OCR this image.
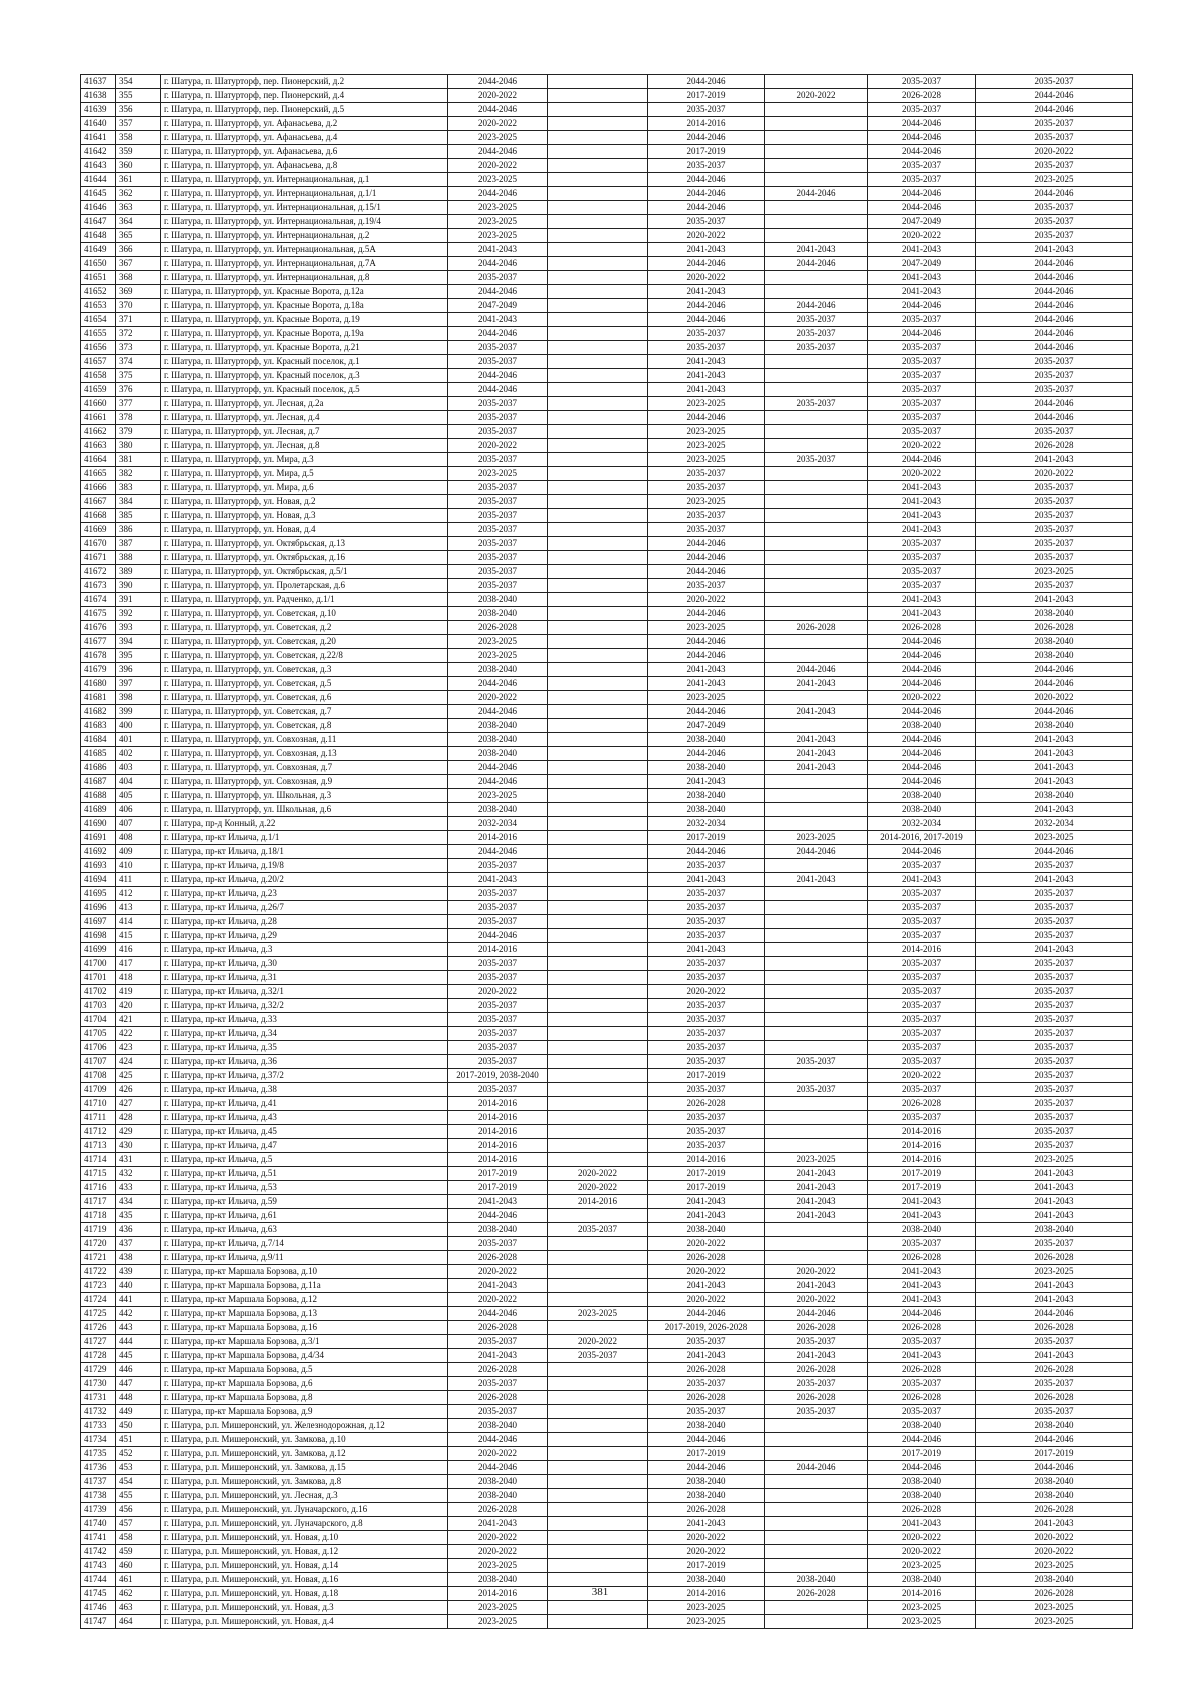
41637	354	г. Шатура, п. Шатурторф, пер. Пионерский, д.2	2044-2046		2044-2046		2035-2037	2035-2037
41638	355	г. Шатура, п. Шатурторф, пер. Пионерский, д.4	2020-2022		2017-2019	2020-2022	2026-2028	2044-2046
41639	356	г. Шатура, п. Шатурторф, пер. Пионерский, д.5	2044-2046		2035-2037		2035-2037	2044-2046
41640	357	г. Шатура, п. Шатурторф, ул. Афанасьева, д.2	2020-2022		2014-2016		2044-2046	2035-2037
41641	358	г. Шатура, п. Шатурторф, ул. Афанасьева, д.4	2023-2025		2044-2046		2044-2046	2035-2037
41642	359	г. Шатура, п. Шатурторф, ул. Афанасьева, д.6	2044-2046		2017-2019		2044-2046	2020-2022
41643	360	г. Шатура, п. Шатурторф, ул. Афанасьева, д.8	2020-2022		2035-2037		2035-2037	2035-2037
41644	361	г. Шатура, п. Шатурторф, ул. Интернациональная, д.1	2023-2025		2044-2046		2035-2037	2023-2025
41645	362	г. Шатура, п. Шатурторф, ул. Интернациональная, д.1/1	2044-2046		2044-2046	2044-2046	2044-2046	2044-2046
41646	363	г. Шатура, п. Шатурторф, ул. Интернациональная, д.15/1	2023-2025		2044-2046		2044-2046	2035-2037
41647	364	г. Шатура, п. Шатурторф, ул. Интернациональная, д.19/4	2023-2025		2035-2037		2047-2049	2035-2037
41648	365	г. Шатура, п. Шатурторф, ул. Интернациональная, д.2	2023-2025		2020-2022		2020-2022	2035-2037
41649	366	г. Шатура, п. Шатурторф, ул. Интернациональная, д.5А	2041-2043		2041-2043	2041-2043	2041-2043	2041-2043
41650	367	г. Шатура, п. Шатурторф, ул. Интернациональная, д.7А	2044-2046		2044-2046	2044-2046	2047-2049	2044-2046
41651	368	г. Шатура, п. Шатурторф, ул. Интернациональная, д.8	2035-2037		2020-2022		2041-2043	2044-2046
41652	369	г. Шатура, п. Шатурторф, ул. Красные Ворота, д.12а	2044-2046		2041-2043		2041-2043	2044-2046
41653	370	г. Шатура, п. Шатурторф, ул. Красные Ворота, д.18а	2047-2049		2044-2046	2044-2046	2044-2046	2044-2046
41654	371	г. Шатура, п. Шатурторф, ул. Красные Ворота, д.19	2041-2043		2044-2046	2035-2037	2035-2037	2044-2046
41655	372	г. Шатура, п. Шатурторф, ул. Красные Ворота, д.19а	2044-2046		2035-2037	2035-2037	2044-2046	2044-2046
41656	373	г. Шатура, п. Шатурторф, ул. Красные Ворота, д.21	2035-2037		2035-2037	2035-2037	2035-2037	2044-2046
41657	374	г. Шатура, п. Шатурторф, ул. Красный поселок, д.1	2035-2037		2041-2043		2035-2037	2035-2037
41658	375	г. Шатура, п. Шатурторф, ул. Красный поселок, д.3	2044-2046		2041-2043		2035-2037	2035-2037
41659	376	г. Шатура, п. Шатурторф, ул. Красный поселок, д.5	2044-2046		2041-2043		2035-2037	2035-2037
41660	377	г. Шатура, п. Шатурторф, ул. Лесная, д.2а	2035-2037		2023-2025	2035-2037	2035-2037	2044-2046
41661	378	г. Шатура, п. Шатурторф, ул. Лесная, д.4	2035-2037		2044-2046		2035-2037	2044-2046
41662	379	г. Шатура, п. Шатурторф, ул. Лесная, д.7	2035-2037		2023-2025		2035-2037	2035-2037
41663	380	г. Шатура, п. Шатурторф, ул. Лесная, д.8	2020-2022		2023-2025		2020-2022	2026-2028
41664	381	г. Шатура, п. Шатурторф, ул. Мира, д.3	2035-2037		2023-2025	2035-2037	2044-2046	2041-2043
41665	382	г. Шатура, п. Шатурторф, ул. Мира, д.5	2023-2025		2035-2037		2020-2022	2020-2022
41666	383	г. Шатура, п. Шатурторф, ул. Мира, д.6	2035-2037		2035-2037		2041-2043	2035-2037
41667	384	г. Шатура, п. Шатурторф, ул. Новая, д.2	2035-2037		2023-2025		2041-2043	2035-2037
41668	385	г. Шатура, п. Шатурторф, ул. Новая, д.3	2035-2037		2035-2037		2041-2043	2035-2037
41669	386	г. Шатура, п. Шатурторф, ул. Новая, д.4	2035-2037		2035-2037		2041-2043	2035-2037
41670	387	г. Шатура, п. Шатурторф, ул. Октябрьская, д.13	2035-2037		2044-2046		2035-2037	2035-2037
41671	388	г. Шатура, п. Шатурторф, ул. Октябрьская, д.16	2035-2037		2044-2046		2035-2037	2035-2037
41672	389	г. Шатура, п. Шатурторф, ул. Октябрьская, д.5/1	2035-2037		2044-2046		2035-2037	2023-2025
41673	390	г. Шатура, п. Шатурторф, ул. Пролетарская, д.6	2035-2037		2035-2037		2035-2037	2035-2037
41674	391	г. Шатура, п. Шатурторф, ул. Радченко, д.1/1	2038-2040		2020-2022		2041-2043	2041-2043
41675	392	г. Шатура, п. Шатурторф, ул. Советская, д.10	2038-2040		2044-2046		2041-2043	2038-2040
41676	393	г. Шатура, п. Шатурторф, ул. Советская, д.2	2026-2028		2023-2025	2026-2028	2026-2028	2026-2028
41677	394	г. Шатура, п. Шатурторф, ул. Советская, д.20	2023-2025		2044-2046		2044-2046	2038-2040
41678	395	г. Шатура, п. Шатурторф, ул. Советская, д.22/8	2023-2025		2044-2046		2044-2046	2038-2040
41679	396	г. Шатура, п. Шатурторф, ул. Советская, д.3	2038-2040		2041-2043	2044-2046	2044-2046	2044-2046
41680	397	г. Шатура, п. Шатурторф, ул. Советская, д.5	2044-2046		2041-2043	2041-2043	2044-2046	2044-2046
41681	398	г. Шатура, п. Шатурторф, ул. Советская, д.6	2020-2022		2023-2025		2020-2022	2020-2022
41682	399	г. Шатура, п. Шатурторф, ул. Советская, д.7	2044-2046		2044-2046	2041-2043	2044-2046	2044-2046
41683	400	г. Шатура, п. Шатурторф, ул. Советская, д.8	2038-2040		2047-2049		2038-2040	2038-2040
41684	401	г. Шатура, п. Шатурторф, ул. Совхозная, д.11	2038-2040		2038-2040	2041-2043	2044-2046	2041-2043
41685	402	г. Шатура, п. Шатурторф, ул. Совхозная, д.13	2038-2040		2044-2046	2041-2043	2044-2046	2041-2043
41686	403	г. Шатура, п. Шатурторф, ул. Совхозная, д.7	2044-2046		2038-2040	2041-2043	2044-2046	2041-2043
41687	404	г. Шатура, п. Шатурторф, ул. Совхозная, д.9	2044-2046		2041-2043		2044-2046	2041-2043
41688	405	г. Шатура, п. Шатурторф, ул. Школьная, д.3	2023-2025		2038-2040		2038-2040	2038-2040
41689	406	г. Шатура, п. Шатурторф, ул. Школьная, д.6	2038-2040		2038-2040		2038-2040	2041-2043
41690	407	г. Шатура, пр-д Конный, д.22	2032-2034		2032-2034		2032-2034	2032-2034
41691	408	г. Шатура, пр-кт Ильича, д.1/1	2014-2016		2017-2019	2023-2025	2014-2016, 2017-2019	2023-2025
41692	409	г. Шатура, пр-кт Ильича, д.18/1	2044-2046		2044-2046	2044-2046	2044-2046	2044-2046
41693	410	г. Шатура, пр-кт Ильича, д.19/8	2035-2037		2035-2037		2035-2037	2035-2037
41694	411	г. Шатура, пр-кт Ильича, д.20/2	2041-2043		2041-2043	2041-2043	2041-2043	2041-2043
41695	412	г. Шатура, пр-кт Ильича, д.23	2035-2037		2035-2037		2035-2037	2035-2037
41696	413	г. Шатура, пр-кт Ильича, д.26/7	2035-2037		2035-2037		2035-2037	2035-2037
41697	414	г. Шатура, пр-кт Ильича, д.28	2035-2037		2035-2037		2035-2037	2035-2037
41698	415	г. Шатура, пр-кт Ильича, д.29	2044-2046		2035-2037		2035-2037	2035-2037
41699	416	г. Шатура, пр-кт Ильича, д.3	2014-2016		2041-2043		2014-2016	2041-2043
41700	417	г. Шатура, пр-кт Ильича, д.30	2035-2037		2035-2037		2035-2037	2035-2037
41701	418	г. Шатура, пр-кт Ильича, д.31	2035-2037		2035-2037		2035-2037	2035-2037
41702	419	г. Шатура, пр-кт Ильича, д.32/1	2020-2022		2020-2022		2035-2037	2035-2037
41703	420	г. Шатура, пр-кт Ильича, д.32/2	2035-2037		2035-2037		2035-2037	2035-2037
41704	421	г. Шатура, пр-кт Ильича, д.33	2035-2037		2035-2037		2035-2037	2035-2037
41705	422	г. Шатура, пр-кт Ильича, д.34	2035-2037		2035-2037		2035-2037	2035-2037
41706	423	г. Шатура, пр-кт Ильича, д.35	2035-2037		2035-2037		2035-2037	2035-2037
41707	424	г. Шатура, пр-кт Ильича, д.36	2035-2037		2035-2037	2035-2037	2035-2037	2035-2037
41708	425	г. Шатура, пр-кт Ильича, д.37/2	2017-2019, 2038-2040		2017-2019		2020-2022	2035-2037
41709	426	г. Шатура, пр-кт Ильича, д.38	2035-2037		2035-2037	2035-2037	2035-2037	2035-2037
41710	427	г. Шатура, пр-кт Ильича, д.41	2014-2016		2026-2028		2026-2028	2035-2037
41711	428	г. Шатура, пр-кт Ильича, д.43	2014-2016		2035-2037		2035-2037	2035-2037
41712	429	г. Шатура, пр-кт Ильича, д.45	2014-2016		2035-2037		2014-2016	2035-2037
41713	430	г. Шатура, пр-кт Ильича, д.47	2014-2016		2035-2037		2014-2016	2035-2037
41714	431	г. Шатура, пр-кт Ильича, д.5	2014-2016		2014-2016	2023-2025	2014-2016	2023-2025
41715	432	г. Шатура, пр-кт Ильича, д.51	2017-2019	2020-2022	2017-2019	2041-2043	2017-2019	2041-2043
41716	433	г. Шатура, пр-кт Ильича, д.53	2017-2019	2020-2022	2017-2019	2041-2043	2017-2019	2041-2043
41717	434	г. Шатура, пр-кт Ильича, д.59	2041-2043	2014-2016	2041-2043	2041-2043	2041-2043	2041-2043
41718	435	г. Шатура, пр-кт Ильича, д.61	2044-2046		2041-2043	2041-2043	2041-2043	2041-2043
41719	436	г. Шатура, пр-кт Ильича, д.63	2038-2040	2035-2037	2038-2040		2038-2040	2038-2040
41720	437	г. Шатура, пр-кт Ильича, д.7/14	2035-2037		2020-2022		2035-2037	2035-2037
41721	438	г. Шатура, пр-кт Ильича, д.9/11	2026-2028		2026-2028		2026-2028	2026-2028
41722	439	г. Шатура, пр-кт Маршала Борзова, д.10	2020-2022		2020-2022	2020-2022	2041-2043	2023-2025
41723	440	г. Шатура, пр-кт Маршала Борзова, д.11а	2041-2043		2041-2043	2041-2043	2041-2043	2041-2043
41724	441	г. Шатура, пр-кт Маршала Борзова, д.12	2020-2022		2020-2022	2020-2022	2041-2043	2041-2043
41725	442	г. Шатура, пр-кт Маршала Борзова, д.13	2044-2046	2023-2025	2044-2046	2044-2046	2044-2046	2044-2046
41726	443	г. Шатура, пр-кт Маршала Борзова, д.16	2026-2028		2017-2019, 2026-2028	2026-2028	2026-2028	2026-2028
41727	444	г. Шатура, пр-кт Маршала Борзова, д.3/1	2035-2037	2020-2022	2035-2037	2035-2037	2035-2037	2035-2037
41728	445	г. Шатура, пр-кт Маршала Борзова, д.4/34	2041-2043	2035-2037	2041-2043	2041-2043	2041-2043	2041-2043
41729	446	г. Шатура, пр-кт Маршала Борзова, д.5	2026-2028		2026-2028	2026-2028	2026-2028	2026-2028
41730	447	г. Шатура, пр-кт Маршала Борзова, д.6	2035-2037		2035-2037	2035-2037	2035-2037	2035-2037
41731	448	г. Шатура, пр-кт Маршала Борзова, д.8	2026-2028		2026-2028	2026-2028	2026-2028	2026-2028
41732	449	г. Шатура, пр-кт Маршала Борзова, д.9	2035-2037		2035-2037	2035-2037	2035-2037	2035-2037
41733	450	г. Шатура, р.п. Мишеронский, ул. Железнодорожная, д.12	2038-2040		2038-2040		2038-2040	2038-2040
41734	451	г. Шатура, р.п. Мишеронский, ул. Замкова, д.10	2044-2046		2044-2046		2044-2046	2044-2046
41735	452	г. Шатура, р.п. Мишеронский, ул. Замкова, д.12	2020-2022		2017-2019		2017-2019	2017-2019
41736	453	г. Шатура, р.п. Мишеронский, ул. Замкова, д.15	2044-2046		2044-2046	2044-2046	2044-2046	2044-2046
41737	454	г. Шатура, р.п. Мишеронский, ул. Замкова, д.8	2038-2040		2038-2040		2038-2040	2038-2040
41738	455	г. Шатура, р.п. Мишеронский, ул. Лесная, д.3	2038-2040		2038-2040		2038-2040	2038-2040
41739	456	г. Шатура, р.п. Мишеронский, ул. Луначарского, д.16	2026-2028		2026-2028		2026-2028	2026-2028
41740	457	г. Шатура, р.п. Мишеронский, ул. Луначарского, д.8	2041-2043		2041-2043		2041-2043	2041-2043
41741	458	г. Шатура, р.п. Мишеронский, ул. Новая, д.10	2020-2022		2020-2022		2020-2022	2020-2022
41742	459	г. Шатура, р.п. Мишеронский, ул. Новая, д.12	2020-2022		2020-2022		2020-2022	2020-2022
41743	460	г. Шатура, р.п. Мишеронский, ул. Новая, д.14	2023-2025		2017-2019		2023-2025	2023-2025
41744	461	г. Шатура, р.п. Мишеронский, ул. Новая, д.16	2038-2040		2038-2040	2038-2040	2038-2040	2038-2040
41745	462	г. Шатура, р.п. Мишеронский, ул. Новая, д.18	2014-2016		2014-2016	2026-2028	2014-2016	2026-2028
41746	463	г. Шатура, р.п. Мишеронский, ул. Новая, д.3	2023-2025		2023-2025		2023-2025	2023-2025
41747	464	г. Шатура, р.п. Мишеронский, ул. Новая, д.4	2023-2025		2023-2025		2023-2025	2023-2025
381
